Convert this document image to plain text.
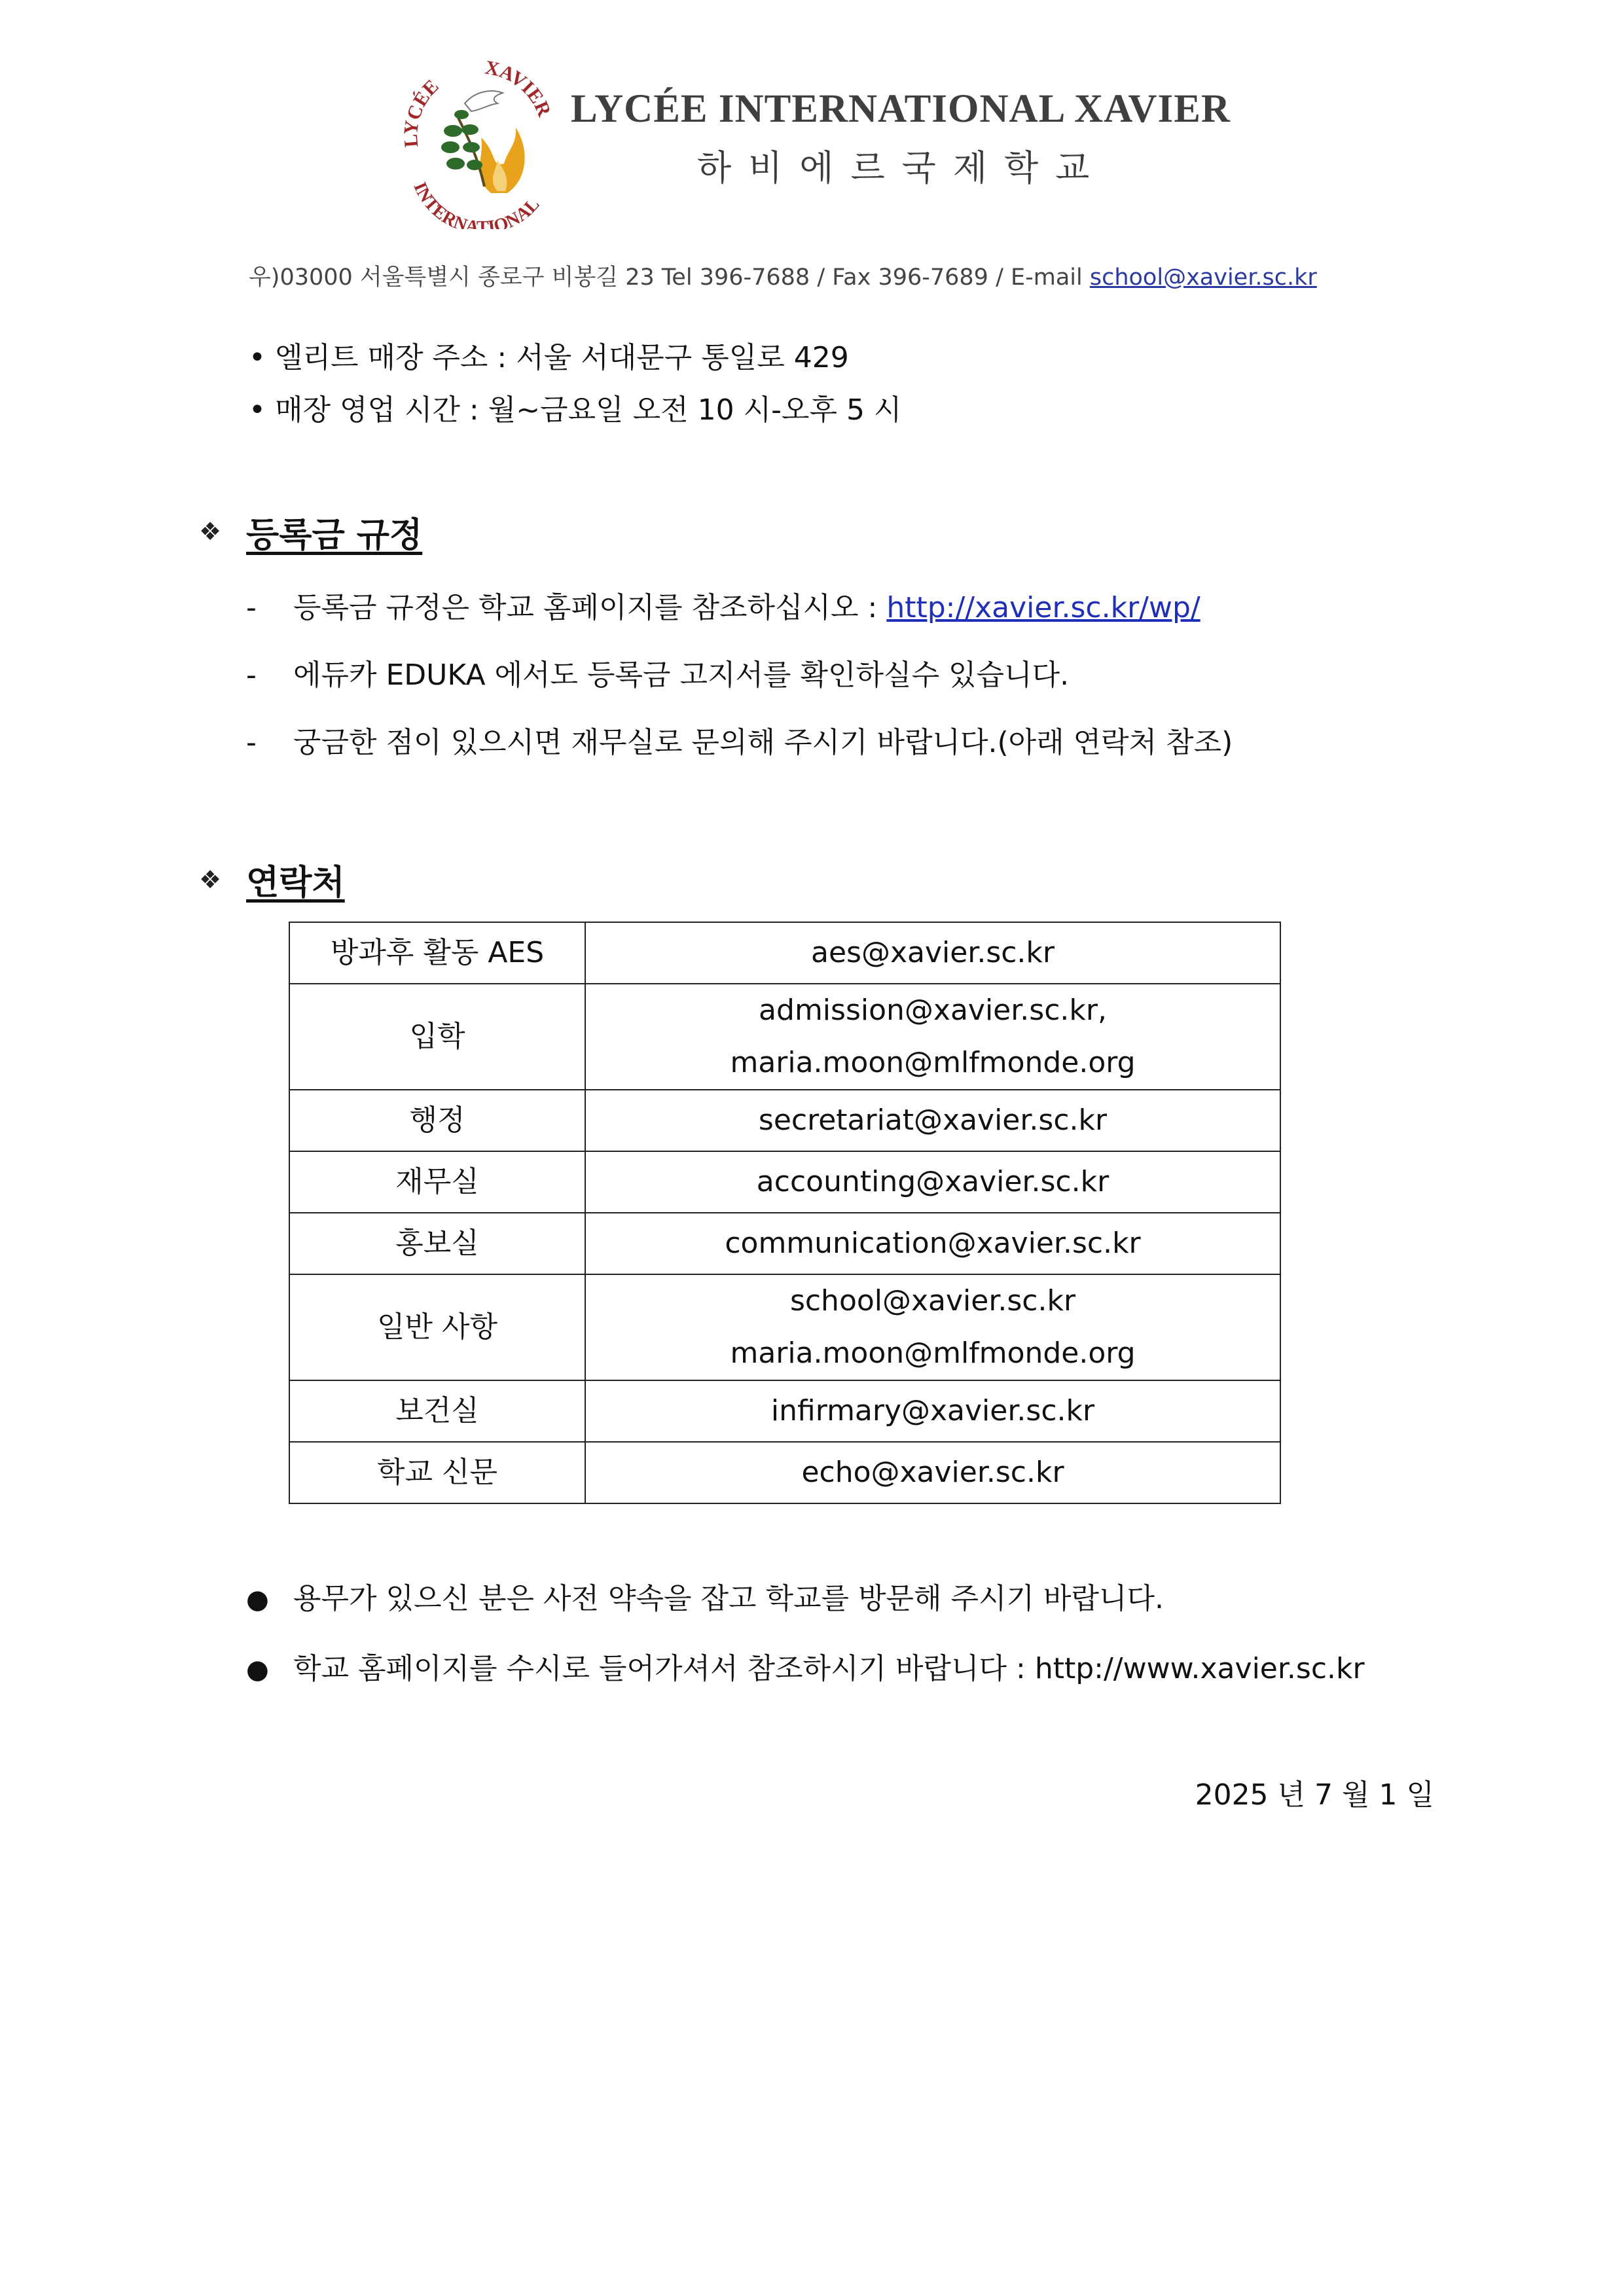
LYCÉE
XAVIER
INTERNATIONAL
LYCÉE INTERNATIONAL XAVIER
하비에르국제학교
우)03000 서울특별시 종로구 비봉길 23 Tel 396-7688 / Fax 396-7689 / E-mail school@xavier.sc.kr
• 엘리트 매장 주소 : 서울 서대문구 통일로 429
• 매장 영업 시간 : 월~금요일 오전 10 시-오후 5 시
❖ 등록금 규정
- 등록금 규정은 학교 홈페이지를 참조하십시오 : http://xavier.sc.kr/wp/
- 에듀카 EDUKA 에서도 등록금 고지서를 확인하실수 있습니다.
- 궁금한 점이 있으시면 재무실로 문의해 주시기 바랍니다.(아래 연락처 참조)
❖ 연락처
방과후 활동 AES	aes@xavier.sc.kr

입학	admission@xavier.sc.kr,
maria.moon@mlfmonde.org

행정	secretariat@xavier.sc.kr

재무실	accounting@xavier.sc.kr

홍보실	communication@xavier.sc.kr

일반 사항	school@xavier.sc.kr
maria.moon@mlfmonde.org

보건실	infirmary@xavier.sc.kr

학교 신문	echo@xavier.sc.kr
● 용무가 있으신 분은 사전 약속을 잡고 학교를 방문해 주시기 바랍니다.
● 학교 홈페이지를 수시로 들어가셔서 참조하시기 바랍니다 : http://www.xavier.sc.kr
2025 년 7 월 1 일
